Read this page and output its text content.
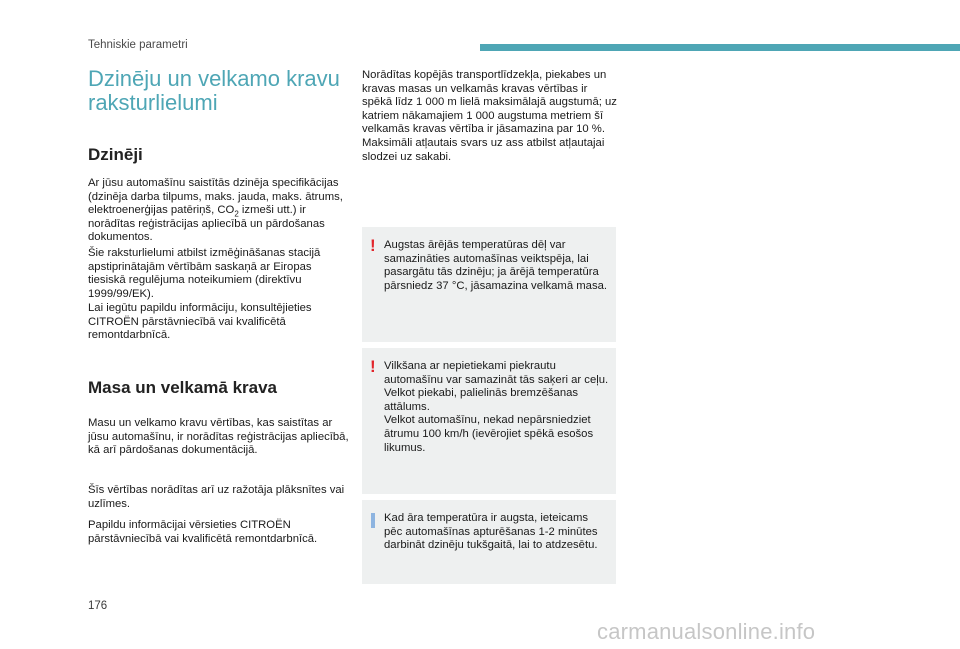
Tehniskie parametri
Dzinēju un velkamo kravu raksturlielumi
Dzinēji

Ar jūsu automašīnu saistītās dzinēja specifikācijas (dzinēja darba tilpums, maks. jauda, maks. ātrums, elektroenerģijas patēriņš, $CO_2$ izmeši utt.) ir norādītas reģistrācijas apliecībā un pārdošanas dokumentos.

Šie raksturlielumi atbilst izmēģināšanas stacijā apstiprinātajām vērtībām saskaņā ar Eiropas tiesiskā regulējuma noteikumiem (direktīvu 1999/99/EK).

Lai iegūtu papildu informāciju, konsultējieties CITROËN pārstāvniecībā vai kvalificētā remontdarbnīcā.

Masa un velkamā krava

Masu un velkamo kravu vērtības, kas saistītas ar jūsu automašīnu, ir norādītas reģistrācijas apliecībā, kā arī pārdošanas dokumentācijā.

Šīs vērtības norādītas arī uz ražotāja plāksnītes vai uzlīmes.

Papildu informācijai vērsieties CITROËN pārstāvniecībā vai kvalificētā remontdarbnīcā.

Norādītas kopējās transportlīdzekļa, piekabes un kravas masas un velkamās kravas vērtības ir spēkā līdz 1 000 m lielā maksimālajā augstumā; uz katriem nākamajiem 1 000 augstuma metriem šī velkamās kravas vērtība ir jāsamazina par 10 %.
Maksimāli atļautais svars uz ass atbilst atļautajai slodzei uz sakabi.

! Augstas ārējās temperatūras dēļ var samazināties automašīnas veiktspēja, lai pasargātu tās dzinēju; ja ārējā temperatūra pārsniedz 37 °C, jāsamazina velkamā masa.

! Vilkšana ar nepietiekami piekrautu automašīnu var samazināt tās saķeri ar ceļu.
Velkot piekabi, palielinās bremzēšanas attālums.
Velkot automašīnu, nekad nepārsniedziet ātrumu 100 km/h (ievērojiet spēkā esošos likumus.

Kad āra temperatūra ir augsta, ieteicams pēc automašīnas apturēšanas 1-2 minūtes darbināt dzinēju tukšgaitā, lai to atdzesētu.

176
carmanualsonline.info
